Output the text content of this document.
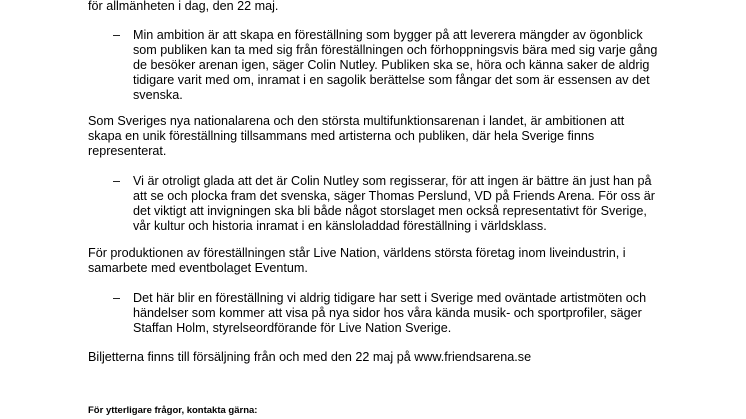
för allmänheten i dag, den 22 maj.
– Min ambition är att skapa en föreställning som bygger på att leverera mängder av ögonblick
som publiken kan ta med sig från föreställningen och förhoppningsvis bära med sig varje gång
de besöker arenan igen, säger Colin Nutley. Publiken ska se, höra och känna saker de aldrig
tidigare varit med om, inramat i en sagolik berättelse som fångar det som är essensen av det
svenska.
Som Sveriges nya nationalarena och den största multifunktionsarenan i landet, är ambitionen att
skapa en unik föreställning tillsammans med artisterna och publiken, där hela Sverige finns
representerat.
– Vi är otroligt glada att det är Colin Nutley som regisserar, för att ingen är bättre än just han på
att se och plocka fram det svenska, säger Thomas Perslund, VD på Friends Arena. För oss är
det viktigt att invigningen ska bli både något storslaget men också representativt för Sverige,
vår kultur och historia inramat i en känsloladdad föreställning i världsklass.
För produktionen av föreställningen står Live Nation, världens största företag inom liveindustrin, i
samarbete med eventbolaget Eventum.
– Det här blir en föreställning vi aldrig tidigare har sett i Sverige med oväntade artistmöten och
händelser som kommer att visa på nya sidor hos våra kända musik- och sportprofiler, säger
Staffan Holm, styrelseordförande för Live Nation Sverige.
Biljetterna finns till försäljning från och med den 22 maj på www.friendsarena.se
För ytterligare frågor, kontakta gärna:
